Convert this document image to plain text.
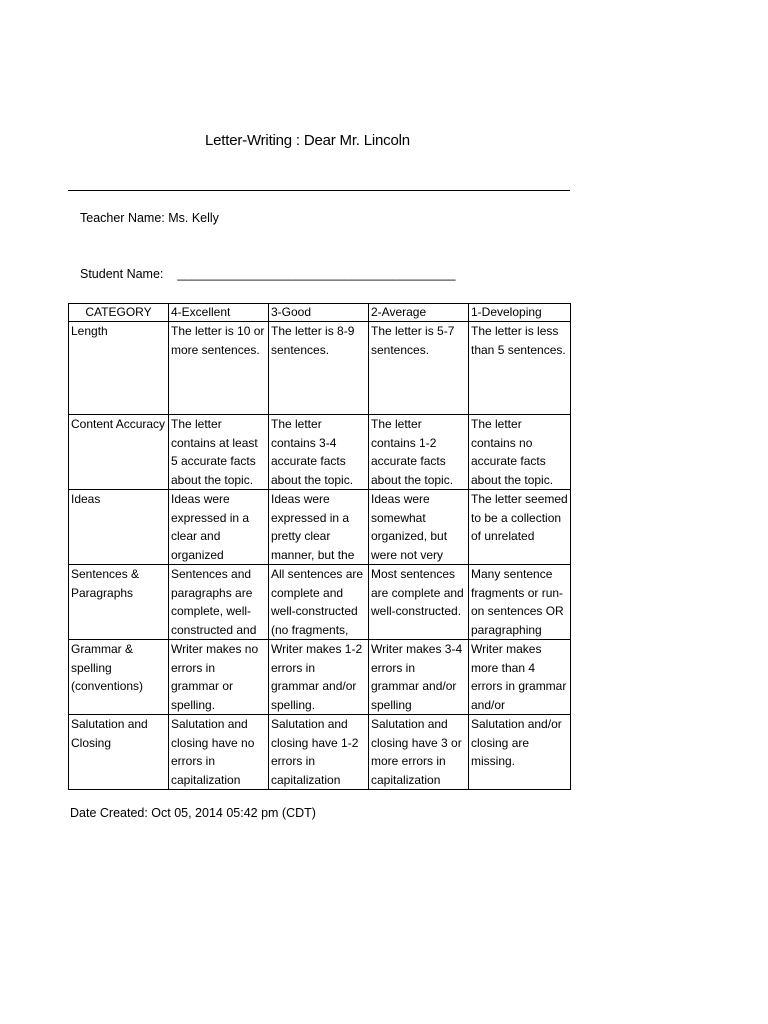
Letter-Writing : Dear Mr. Lincoln
Teacher Name: Ms. Kelly
Student Name: ________________________________________
CATEGORY	4-Excellent	3-Good	2-Average	1-Developing

Length	The letter is 10 or more sentences.	The letter is 8-9 sentences.	The letter is 5-7 sentences.	The letter is less than 5 sentences.

Content Accuracy	The letter contains at least 5 accurate facts about the topic.	The letter contains 3-4 accurate facts about the topic.	The letter contains 1-2 accurate facts about the topic.	The letter contains no accurate facts about the topic.

Ideas	Ideas were expressed in a clear and organized	Ideas were expressed in a pretty clear manner, but the	Ideas were somewhat organized, but were not very	The letter seemed to be a collection of unrelated

Sentences & Paragraphs	Sentences and paragraphs are complete, well-constructed and	All sentences are complete and well-constructed (no fragments,	Most sentences are complete and well-constructed.	Many sentence fragments or run-on sentences OR paragraphing

Grammar & spelling (conventions)	Writer makes no errors in grammar or spelling.	Writer makes 1-2 errors in grammar and/or spelling.	Writer makes 3-4 errors in grammar and/or spelling	Writer makes more than 4 errors in grammar and/or

Salutation and Closing	Salutation and closing have no errors in capitalization	Salutation and closing have 1-2 errors in capitalization	Salutation and closing have 3 or more errors in capitalization	Salutation and/or closing are missing.
Date Created: Oct 05, 2014 05:42 pm (CDT)
